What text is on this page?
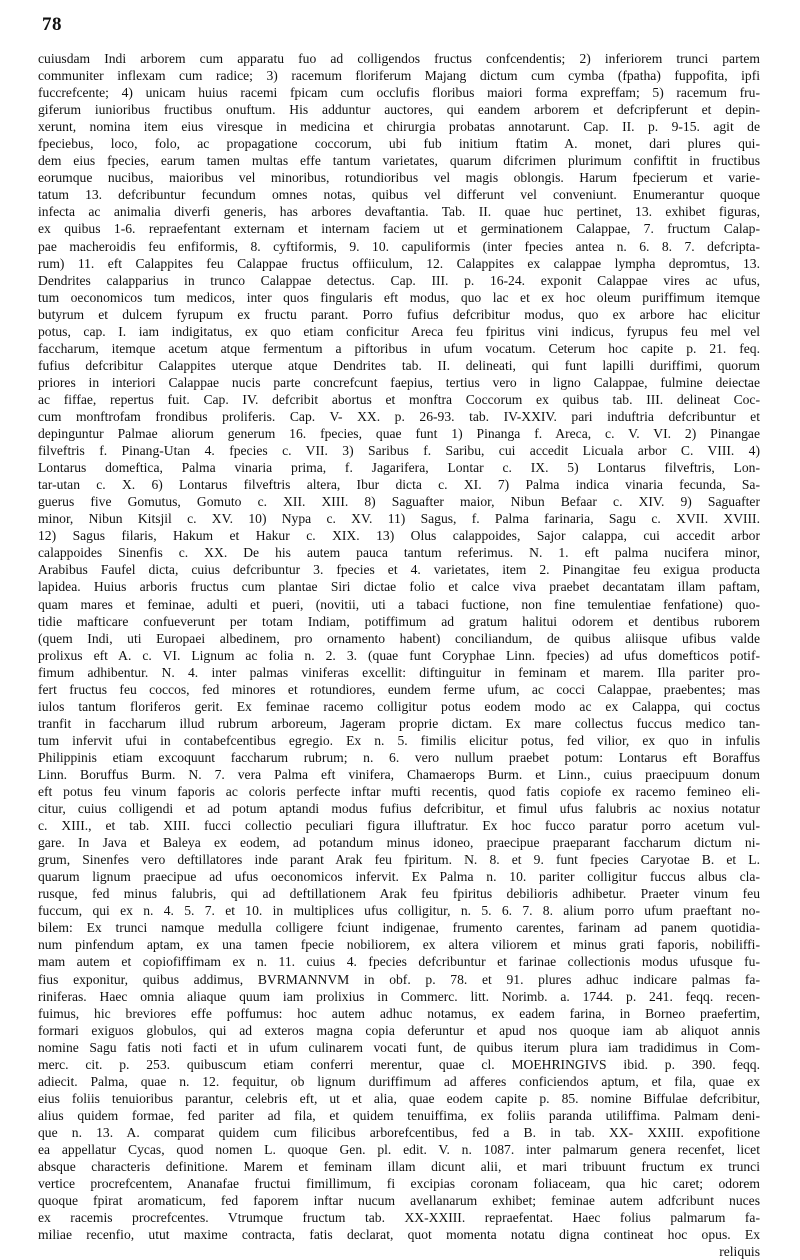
78

cuiusdam Indi arborem cum apparatu fuo ad colligendos fructus confcendentis; 2) inferiorem trunci partem

communiter inflexam cum radice; 3) racemum floriferum Majang dictum cum cymba (fpatha) fuppofita, ipfi

fuccrefcente; 4) unicam huius racemi fpicam cum occlufis floribus maiori forma expreffam; 5) racemum fru-

giferum iunioribus fructibus onuftum. His adduntur auctores, qui eandem arborem et defcripferunt et depin-

xerunt, nomina item eius viresque in medicina et chirurgia probatas annotarunt. Cap. II. p. 9-15. agit de

fpeciebus, loco, folo, ac propagatione coccorum, ubi fub initium ftatim A. monet, dari plures qui-

dem eius fpecies, earum tamen multas effe tantum varietates, quarum difcrimen plurimum confiftit in fructibus

eorumque nucibus, maioribus vel minoribus, rotundioribus vel magis oblongis. Harum fpecierum et varie-

tatum 13. defcribuntur fecundum omnes notas, quibus vel differunt vel conveniunt. Enumerantur quoque

infecta ac animalia diverfi generis, has arbores devaftantia. Tab. II. quae huc pertinet, 13. exhibet figuras,

ex quibus 1-6. repraefentant externam et internam faciem ut et germinationem Calappae, 7. fructum Calap-

pae macheroidis feu enfiformis, 8. cyftiformis, 9. 10. capuliformis (inter fpecies antea n. 6. 8. 7. defcripta-

rum) 11. eft Calappites feu Calappae fructus offiiculum, 12. Calappites ex calappae lympha depromtus, 13.

Dendrites calapparius in trunco Calappae detectus. Cap. III. p. 16-24. exponit Calappae vires ac ufus,

tum oeconomicos tum medicos, inter quos fingularis eft modus, quo lac et ex hoc oleum puriffimum itemque

butyrum et dulcem fyrupum ex fructu parant. Porro fufius defcribitur modus, quo ex arbore hac elicitur

potus, cap. I. iam indigitatus, ex quo etiam conficitur Areca feu fpiritus vini indicus, fyrupus feu mel vel

faccharum, itemque acetum atque fermentum a piftoribus in ufum vocatum. Ceterum hoc capite p. 21. feq.

fufius defcribitur Calappites uterque atque Dendrites tab. II. delineati, qui funt lapilli duriffimi, quorum

priores in interiori Calappae nucis parte concrefcunt faepius, tertius vero in ligno Calappae, fulmine deiectae

ac fiffae, repertus fuit. Cap. IV. defcribit abortus et monftra Coccorum ex quibus tab. III. delineat Coc-

cum monftrofam frondibus proliferis. Cap. V- XX. p. 26-93. tab. IV-XXIV. pari induftria defcribuntur et

depinguntur Palmae aliorum generum 16. fpecies, quae funt 1) Pinanga f. Areca, c. V. VI. 2) Pinangae

filveftris f. Pinang-Utan 4. fpecies c. VII. 3) Saribus f. Saribu, cui accedit Licuala arbor C. VIII. 4)

Lontarus domeftica, Palma vinaria prima, f. Jagarifera, Lontar c. IX. 5) Lontarus filveftris, Lon-

tar-utan c. X. 6) Lontarus filveftris altera, Ibur dicta c. XI. 7) Palma indica vinaria fecunda, Sa-

guerus five Gomutus, Gomuto c. XII. XIII. 8) Saguafter maior, Nibun Befaar c. XIV. 9) Saguafter

minor, Nibun Kitsjil c. XV. 10) Nypa c. XV. 11) Sagus, f. Palma farinaria, Sagu c. XVII. XVIII.

12) Sagus filaris, Hakum et Hakur c. XIX. 13) Olus calappoides, Sajor calappa, cui accedit arbor

calappoides Sinenfis c. XX. De his autem pauca tantum referimus. N. 1. eft palma nucifera minor,

Arabibus Faufel dicta, cuius defcribuntur 3. fpecies et 4. varietates, item 2. Pinangitae feu exigua producta

lapidea. Huius arboris fructus cum plantae Siri dictae folio et calce viva praebet decantatam illam paftam,

quam mares et feminae, adulti et pueri, (novitii, uti a tabaci fuctione, non fine temulentiae fenfatione) quo-

tidie mafticare confueverunt per totam Indiam, potiffimum ad gratum halitui odorem et dentibus ruborem

(quem Indi, uti Europaei albedinem, pro ornamento habent) conciliandum, de quibus aliisque ufibus valde

prolixus eft A. c. VI. Lignum ac folia n. 2. 3. (quae funt Coryphae Linn. fpecies) ad ufus domefticos potif-

fimum adhibentur. N. 4. inter palmas viniferas excellit: diftinguitur in feminam et marem. Illa pariter pro-

fert fructus feu coccos, fed minores et rotundiores, eundem ferme ufum, ac cocci Calappae, praebentes; mas

iulos tantum floriferos gerit. Ex feminae racemo colligitur potus eodem modo ac ex Calappa, qui coctus

tranfit in faccharum illud rubrum arboreum, Jageram proprie dictam. Ex mare collectus fuccus medico tan-

tum infervit ufui in contabefcentibus egregio. Ex n. 5. fimilis elicitur potus, fed vilior, ex quo in infulis

Philippinis etiam excoquunt faccharum rubrum; n. 6. vero nullum praebet potum: Lontarus eft Boraffus

Linn. Boruffus Burm. N. 7. vera Palma eft vinifera, Chamaerops Burm. et Linn., cuius praecipuum donum

eft potus feu vinum faporis ac coloris perfecte inftar mufti recentis, quod fatis copiofe ex racemo femineo eli-

citur, cuius colligendi et ad potum aptandi modus fufius defcribitur, et fimul ufus falubris ac noxius notatur

c. XIII., et tab. XIII. fucci collectio peculiari figura illuftratur. Ex hoc fucco paratur porro acetum vul-

gare. In Java et Baleya ex eodem, ad potandum minus idoneo, praecipue praeparant faccharum dictum ni-

grum, Sinenfes vero deftillatores inde parant Arak feu fpiritum. N. 8. et 9. funt fpecies Caryotae B. et L.

quarum lignum praecipue ad ufus oeconomicos infervit. Ex Palma n. 10. pariter colligitur fuccus albus cla-

rusque, fed minus falubris, qui ad deftillationem Arak feu fpiritus debilioris adhibetur. Praeter vinum feu

fuccum, qui ex n. 4. 5. 7. et 10. in multiplices ufus colligitur, n. 5. 6. 7. 8. alium porro ufum praeftant no-

bilem: Ex trunci namque medulla colligere fciunt indigenae, frumento carentes, farinam ad panem quotidia-

num pinfendum aptam, ex una tamen fpecie nobiliorem, ex altera viliorem et minus grati faporis, nobiliffi-

mam autem et copiofiffimam ex n. 11. cuius 4. fpecies defcribuntur et farinae collectionis modus ufusque fu-

fius exponitur, quibus addimus, BVRMANNVM in obf. p. 78. et 91. plures adhuc indicare palmas fa-

riniferas. Haec omnia aliaque quum iam prolixius in Commerc. litt. Norimb. a. 1744. p. 241. feqq. recen-

fuimus, hic breviores effe poffumus: hoc autem adhuc notamus, ex eadem farina, in Borneo praefertim,

formari exiguos globulos, qui ad exteros magna copia deferuntur et apud nos quoque iam ab aliquot annis

nomine Sagu fatis noti facti et in ufum culinarem vocati funt, de quibus iterum plura iam tradidimus in Com-

merc. cit. p. 253. quibuscum etiam conferri merentur, quae cl. MOEHRINGIVS ibid. p. 390. feqq.

adiecit. Palma, quae n. 12. fequitur, ob lignum duriffimum ad afferes conficiendos aptum, et fila, quae ex

eius foliis tenuioribus parantur, celebris eft, ut et alia, quae eodem capite p. 85. nomine Biffulae defcribitur,

alius quidem formae, fed pariter ad fila, et quidem tenuiffima, ex foliis paranda utiliffima. Palmam deni-

que n. 13. A. comparat quidem cum filicibus arborefcentibus, fed a B. in tab. XX- XXIII. expofitione

ea appellatur Cycas, quod nomen L. quoque Gen. pl. edit. V. n. 1087. inter palmarum genera recenfet, licet

absque characteris definitione. Marem et feminam illam dicunt alii, et mari tribuunt fructum ex trunci

vertice procrefcentem, Ananafae fructui fimillimum, fi excipias coronam foliaceam, qua hic caret; odorem

quoque fpirat aromaticum, fed faporem inftar nucum avellanarum exhibet; feminae autem adfcribunt nuces

ex racemis procrefcentes. Vtrumque fructum tab. XX-XXIII. repraefentat. Haec folius palmarum fa-

miliae recenfio, utut maxime contracta, fatis declarat, quot momenta notatu digna contineat hoc opus. Ex

reliquis
